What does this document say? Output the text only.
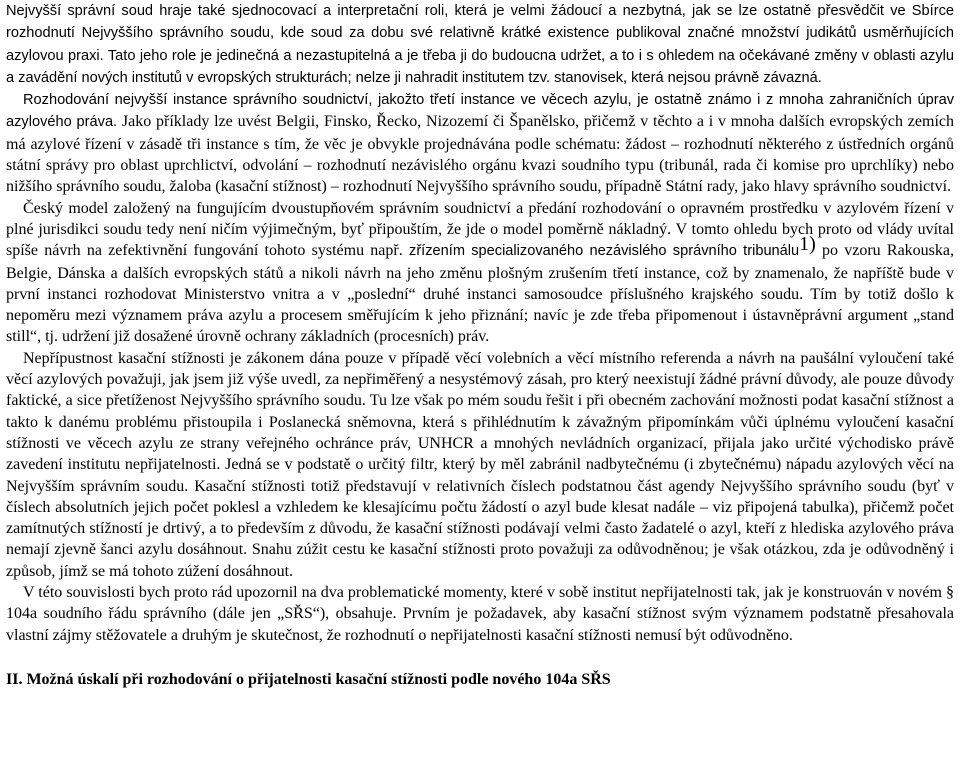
Nejvyšší správní soud hraje také sjednocovací a interpretační roli, která je velmi žádoucí a nezbytná, jak se lze ostatně přesvědčit ve Sbírce rozhodnutí Nejvyššího správního soudu, kde soud za dobu své relativně krátké existence publikoval značné množství judikátů usměrňujících azylovou praxi. Tato jeho role je jedinečná a nezastupitelná a je třeba ji do budoucna udržet, a to i s ohledem na očekávané změny v oblasti azylu a zavádění nových institutů v evropských strukturách; nelze ji nahradit institutem tzv. stanovisek, která nejsou právně závazná.

Rozhodování nejvyšší instance správního soudnictví, jakožto třetí instance ve věcech azylu, je ostatně známo i z mnoha zahraničních úprav azylového práva. Jako příklady lze uvést Belgii, Finsko, Řecko, Nizozemí či Španělsko, přičemž v těchto a i v mnoha dalších evropských zemích má azylové řízení v zásadě tři instance s tím, že věc je obvykle projednávána podle schématu: žádost – rozhodnutí některého z ústředních orgánů státní správy pro oblast uprchlictví, odvolání – rozhodnutí nezávislého orgánu kvazi soudního typu (tribunál, rada či komise pro uprchlíky) nebo nižšího správního soudu, žaloba (kasační stížnost) – rozhodnutí Nejvyššího správního soudu, případně Státní rady, jako hlavy správního soudnictví.

Český model založený na fungujícím dvoustupňovém správním soudnictví a předání rozhodování o opravném prostředku v azylovém řízení v plné jurisdikci soudu tedy není ničím výjimečným, byť připouštím, že jde o model poměrně nákladný. V tomto ohledu bych proto od vlády uvítal spíše návrh na zefektivnění fungování tohoto systému např. zřízením specializovaného nezávislého správního tribunálu1) po vzoru Rakouska, Belgie, Dánska a dalších evropských států a nikoli návrh na jeho změnu plošným zrušením třetí instance, což by znamenalo, že napříště bude v první instanci rozhodovat Ministerstvo vnitra a v „poslední“ druhé instanci samosoudce příslušného krajského soudu. Tím by totiž došlo k nepoměru mezi významem práva azylu a procesem směřujícím k jeho přiznání; navíc je zde třeba připomenout i ústavněprávní argument „stand still“, tj. udržení již dosažené úrovně ochrany základních (procesních) práv.

Nepřípustnost kasační stížnosti je zákonem dána pouze v případě věcí volebních a věcí místního referenda a návrh na paušální vyloučení také věcí azylových považuji, jak jsem již výše uvedl, za nepřiměřený a nesystémový zásah, pro který neexistují žádné právní důvody, ale pouze důvody faktické, a sice přetíženost Nejvyššího správního soudu. Tu lze však po mém soudu řešit i při obecném zachování možnosti podat kasační stížnost a takto k danému problému přistoupila i Poslanecká sněmovna, která s přihlédnutím k závažným připomínkám vůči úplnému vyloučení kasační stížnosti ve věcech azylu ze strany veřejného ochránce práv, UNHCR a mnohých nevládních organizací, přijala jako určité východisko právě zavedení institutu nepřijatelnosti. Jedná se v podstatě o určitý filtr, který by měl zabránil nadbytečnému (i zbytečnému) nápadu azylových věcí na Nejvyšším správním soudu. Kasační stížnosti totiž představují v relativních číslech podstatnou část agendy Nejvyššího správního soudu (byť v číslech absolutních jejich počet poklesl a vzhledem ke klesajícímu počtu žádostí o azyl bude klesat nadále – viz připojená tabulka), přičemž počet zamítnutých stížností je drtivý, a to především z důvodu, že kasační stížnosti podávají velmi často žadatelé o azyl, kteří z hlediska azylového práva nemají zjevně šanci azylu dosáhnout. Snahu zúžit cestu ke kasační stížnosti proto považuji za odůvodněnou; je však otázkou, zda je odůvodněný i způsob, jímž se má tohoto zúžení dosáhnout.

V této souvislosti bych proto rád upozornil na dva problematické momenty, které v sobě institut nepřijatelnosti tak, jak je konstruován v novém § 104a soudního řádu správního (dále jen „SŘS“), obsahuje. Prvním je požadavek, aby kasační stížnost svým významem podstatně přesahovala vlastní zájmy stěžovatele a druhým je skutečnost, že rozhodnutí o nepřijatelnosti kasační stížnosti nemusí být odůvodněno.

II. Možná úskalí při rozhodování o přijatelnosti kasační stížnosti podle nového 104a SŘS
